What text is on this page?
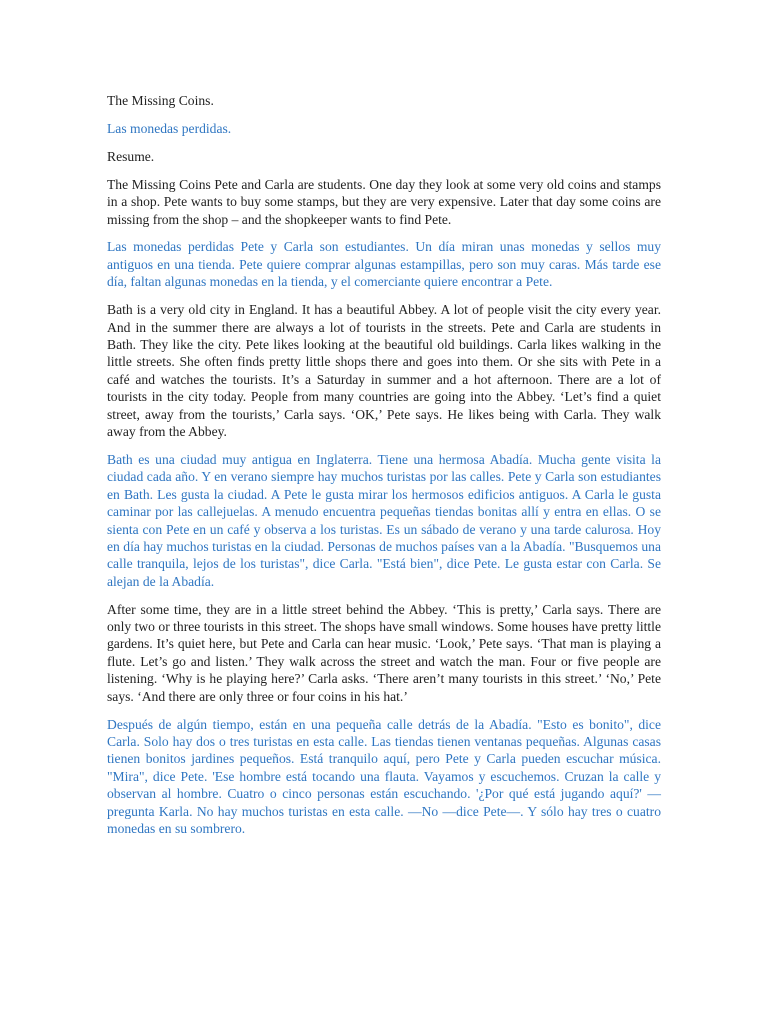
The Missing Coins.

Las monedas perdidas.

Resume.

The Missing Coins Pete and Carla are students. One day they look at some very old coins and stamps in a shop. Pete wants to buy some stamps, but they are very expensive. Later that day some coins are missing from the shop – and the shopkeeper wants to find Pete.

Las monedas perdidas Pete y Carla son estudiantes. Un día miran unas monedas y sellos muy antiguos en una tienda. Pete quiere comprar algunas estampillas, pero son muy caras. Más tarde ese día, faltan algunas monedas en la tienda, y el comerciante quiere encontrar a Pete.

Bath is a very old city in England. It has a beautiful Abbey. A lot of people visit the city every year. And in the summer there are always a lot of tourists in the streets. Pete and Carla are students in Bath. They like the city. Pete likes looking at the beautiful old buildings. Carla likes walking in the little streets. She often finds pretty little shops there and goes into them. Or she sits with Pete in a café and watches the tourists. It’s a Saturday in summer and a hot afternoon. There are a lot of tourists in the city today. People from many countries are going into the Abbey. ‘Let’s find a quiet street, away from the tourists,’ Carla says. ‘OK,’ Pete says. He likes being with Carla. They walk away from the Abbey.

Bath es una ciudad muy antigua en Inglaterra. Tiene una hermosa Abadía. Mucha gente visita la ciudad cada año. Y en verano siempre hay muchos turistas por las calles. Pete y Carla son estudiantes en Bath. Les gusta la ciudad. A Pete le gusta mirar los hermosos edificios antiguos. A Carla le gusta caminar por las callejuelas. A menudo encuentra pequeñas tiendas bonitas allí y entra en ellas. O se sienta con Pete en un café y observa a los turistas. Es un sábado de verano y una tarde calurosa. Hoy en día hay muchos turistas en la ciudad. Personas de muchos países van a la Abadía. "Busquemos una calle tranquila, lejos de los turistas", dice Carla. "Está bien", dice Pete. Le gusta estar con Carla. Se alejan de la Abadía.

After some time, they are in a little street behind the Abbey. ‘This is pretty,’ Carla says. There are only two or three tourists in this street. The shops have small windows. Some houses have pretty little gardens. It’s quiet here, but Pete and Carla can hear music. ‘Look,’ Pete says. ‘That man is playing a flute. Let’s go and listen.’ They walk across the street and watch the man. Four or five people are listening. ‘Why is he playing here?’ Carla asks. ‘There aren’t many tourists in this street.’ ‘No,’ Pete says. ‘And there are only three or four coins in his hat.’

Después de algún tiempo, están en una pequeña calle detrás de la Abadía. "Esto es bonito", dice Carla. Solo hay dos o tres turistas en esta calle. Las tiendas tienen ventanas pequeñas. Algunas casas tienen bonitos jardines pequeños. Está tranquilo aquí, pero Pete y Carla pueden escuchar música. "Mira", dice Pete. 'Ese hombre está tocando una flauta. Vayamos y escuchemos. Cruzan la calle y observan al hombre. Cuatro o cinco personas están escuchando. '¿Por qué está jugando aquí?' —pregunta Karla. No hay muchos turistas en esta calle. —No —dice Pete—. Y sólo hay tres o cuatro monedas en su sombrero.
